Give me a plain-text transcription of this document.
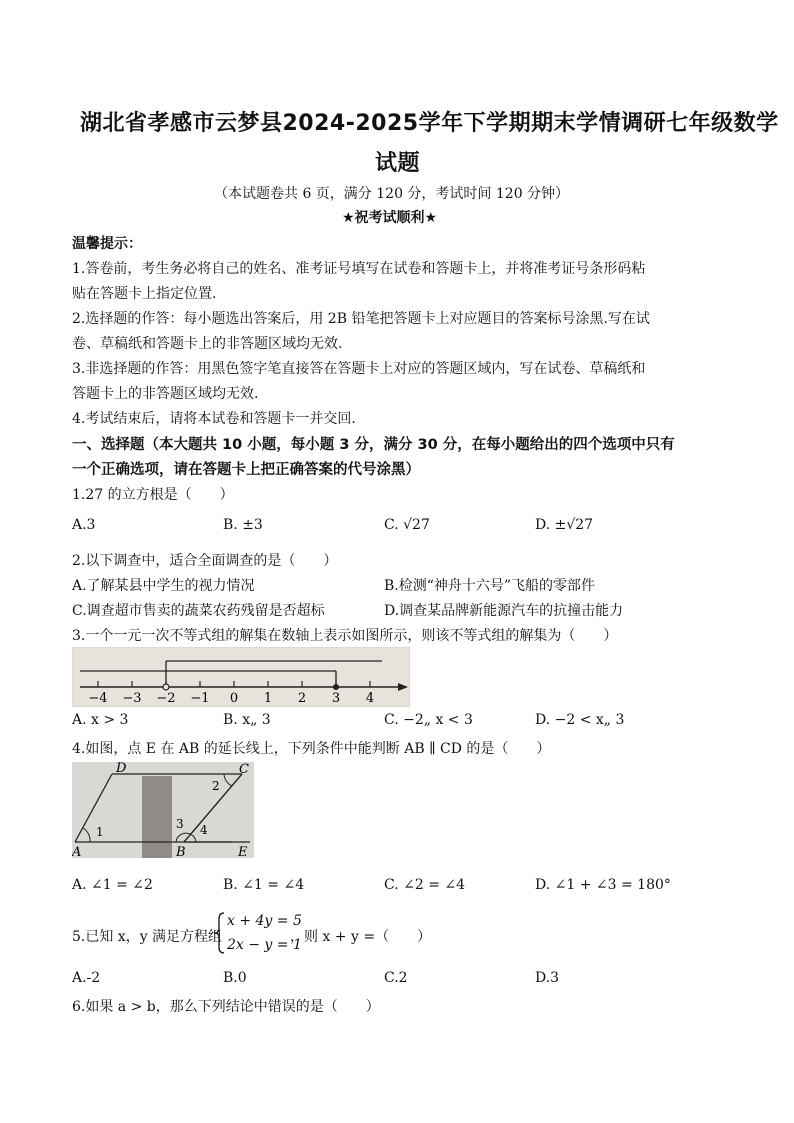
湖北省孝感市云梦县2024-2025学年下学期期末学情调研七年级数学
试题
（本试题卷共 6 页，满分 120 分，考试时间 120 分钟）
★祝考试顺利★
温馨提示：
1.答卷前，考生务必将自己的姓名、准考证号填写在试卷和答题卡上，并将准考证号条形码粘
贴在答题卡上指定位置.
2.选择题的作答：每小题选出答案后，用 2B 铅笔把答题卡上对应题目的答案标号涂黑.写在试
卷、草稿纸和答题卡上的非答题区域均无效.
3.非选择题的作答：用黑色签字笔直接答在答题卡上对应的答题区域内，写在试卷、草稿纸和
答题卡上的非答题区域均无效.
4.考试结束后，请将本试卷和答题卡一并交回.
一、选择题（本大题共 10 小题，每小题 3 分，满分 30 分，在每小题给出的四个选项中只有
一个正确选项，请在答题卡上把正确答案的代号涂黑）
1.27 的立方根是（　　）
A.3	B. ±3	C. √27	D. ±√27
2.以下调查中，适合全面调查的是（　　）
A.了解某县中学生的视力情况	B.检测“神舟十六号”飞船的零部件
C.调查超市售卖的蔬菜农药残留是否超标	D.调查某品牌新能源汽车的抗撞击能力
3.一个一元一次不等式组的解集在数轴上表示如图所示，则该不等式组的解集为（　　）
−4 −3 −2 −1 0 1 2 3 4
A. x > 3	B. x„ 3	C. −2„ x < 3	D. −2 < x„ 3
4.如图，点 E 在 AB 的延长线上，下列条件中能判断 AB ∥ CD 的是（　　）
D	C
A	B	E
1
2
3 4
A. ∠1 = ∠2	B. ∠1 = ∠4	C. ∠2 = ∠4	D. ∠1 + ∠3 = 180°
5.已知 x，y 满足方程组
x + 4y = 5
2x − y = 1
，则 x + y =（　　）
A.-2	B.0	C.2	D.3
6.如果 a > b，那么下列结论中错误的是（　　）
